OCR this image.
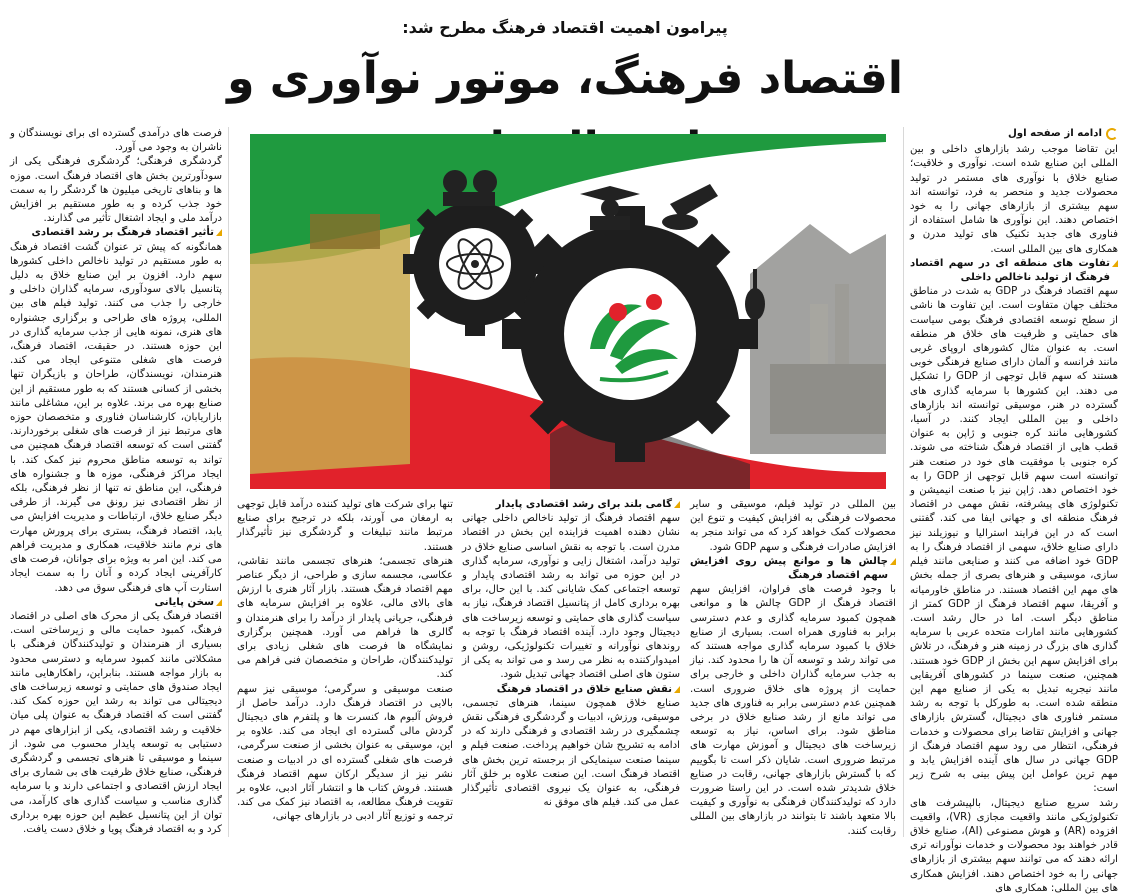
پیرامون اهمیت اقتصاد فرهنگ مطرح شد:
اقتصاد فرهنگ، موتور نوآوری و
ادامه از صفحه اول

این تقاضا موجب رشد بازارهای داخلی و بین المللی این صنایع شده است. نوآوری و خلاقیت؛ صنایع خلاق با نوآوری های مستمر در تولید محصولات جدید و منحصر به فرد، توانسته اند سهم بیشتری از بازارهای جهانی را به خود اختصاص دهند. این نوآوری ها شامل استفاده از فناوری های جدید تکنیک های تولید مدرن و همکاری های بین المللی است.

تفاوت های منطقه ای در سهم اقتصاد فرهنگ از تولید ناخالص داخلی

سهم اقتصاد فرهنگ در GDP به شدت در مناطق مختلف جهان متفاوت است. این تفاوت ها ناشی از سطح توسعه اقتصادی فرهنگ بومی سیاست های حمایتی و ظرفیت های خلاق هر منطقه است. به عنوان مثال کشورهای اروپای غربی مانند فرانسه و آلمان دارای صنایع فرهنگی خوبی هستند که سهم قابل توجهی از GDP را تشکیل می دهند. این کشورها با سرمایه گذاری های گسترده در هنر، موسیقی توانسته اند بازارهای داخلی و بین المللی ایجاد کنند. در آسیا، کشورهایی مانند کره جنوبی و ژاپن به عنوان قطب هایی از اقتصاد فرهنگ شناخته می شوند. کره جنوبی با موفقیت های خود در صنعت هنر توانسته است سهم قابل توجهی از GDP را به خود اختصاص دهد. ژاپن نیز با صنعت انیمیشن و تکنولوژی های پیشرفته، نقش مهمی در اقتصاد فرهنگ منطقه ای و جهانی ایفا می کند. گفتنی است که در این فرایند استرالیا و نیوزیلند نیز دارای صنایع خلاق، سهمی از اقتصاد فرهنگ را به GDP خود اضافه می کنند و صنایعی مانند فیلم سازی، موسیقی و هنرهای بصری از جمله بخش های مهم این اقتصاد هستند. در مناطق خاورمیانه و آفریقا، سهم اقتصاد فرهنگ از GDP کمتر از مناطق دیگر است. اما در حال رشد است. کشورهایی مانند امارات متحده عربی با سرمایه گذاری های بزرگ در زمینه هنر و فرهنگ، در تلاش برای افزایش سهم این بخش از GDP خود هستند. همچنین، صنعت سینما در کشورهای آفریقایی مانند نیجریه تبدیل به یکی از صنایع مهم این منطقه شده است. به طورکل با توجه به رشد مستمر فناوری های دیجیتال، گسترش بازارهای جهانی و افزایش تقاضا برای محصولات و خدمات فرهنگی، انتظار می رود سهم اقتصاد فرهنگ از GDP جهانی در سال های آینده افزایش یابد و مهم ترین عوامل این پیش بینی به شرح زیر است:

رشد سریع صنایع دیجیتال، بالپیشرفت های تکنولوژیکی مانند واقعیت مجازی (VR)، واقعیت افزوده (AR) و هوش مصنوعی (AI)، صنایع خلاق قادر خواهند بود محصولات و خدمات نوآورانه تری ارائه دهند که می توانند سهم بیشتری از بازارهای جهانی را به خود اختصاص دهند. افزایش همکاری های بین المللی: همکاری های

بین المللی در تولید فیلم، موسیقی و سایر محصولات فرهنگی به افزایش کیفیت و تنوع این محصولات کمک خواهد کرد که می تواند منجر به افزایش صادرات فرهنگی و سهم GDP شود.

چالش ها و موانع پیش روی افزایش سهم اقتصاد فرهنگ

با وجود فرصت های فراوان، افزایش سهم اقتصاد فرهنگ از GDP چالش ها و موانعی همچون کمبود سرمایه گذاری و عدم دسترسی برابر به فناوری همراه است. بسیاری از صنایع خلاق با کمبود سرمایه گذاری مواجه هستند که می تواند رشد و توسعه آن ها را محدود کند. نیاز به جذب سرمایه گذاران داخلی و خارجی برای حمایت از پروژه های خلاق ضروری است. همچنین عدم دسترسی برابر به فناوری های جدید می تواند مانع از رشد صنایع خلاق در برخی مناطق شود. برای اساس، نیاز به توسعه زیرساخت های دیجیتال و آموزش مهارت های مرتبط ضروری است. شایان ذکر است تا بگوییم که با گسترش بازارهای جهانی، رقابت در صنایع خلاق شدیدتر شده است. در این راستا ضرورت دارد که تولیدکنندگان فرهنگی به نوآوری و کیفیت بالا متعهد باشند تا بتوانند در بازارهای بین المللی رقابت کنند.

گامی بلند برای رشد اقتصادی پایدار

سهم اقتصاد فرهنگ از تولید ناخالص داخلی جهانی نشان دهنده اهمیت فزاینده این بخش در اقتصاد مدرن است. با توجه به نقش اساسی صنایع خلاق در تولید درآمد، اشتغال زایی و نوآوری، سرمایه گذاری در این حوزه می تواند به رشد اقتصادی پایدار و توسعه اجتماعی کمک شایانی کند. با این حال، برای بهره برداری کامل از پتانسیل اقتصاد فرهنگ، نیاز به سیاست گذاری های حمایتی و توسعه زیرساخت های دیجیتال وجود دارد. آینده اقتصاد فرهنگ با توجه به روندهای نوآورانه و تغییرات تکنولوژیکی، روشن و امیدوارکننده به نظر می رسد و می تواند به یکی از ستون های اصلی اقتصاد جهانی تبدیل شود.

نقش صنایع خلاق در اقتصاد فرهنگ

صنایع خلاق همچون سینما، هنرهای تجسمی، موسیقی، ورزش، ادبیات و گردشگری فرهنگی نقش چشمگیری در رشد اقتصادی و فرهنگی دارند که در ادامه به تشریح شان خواهیم پرداخت. صنعت فیلم و سینما صنعت سینمایکی از برجسته ترین بخش های اقتصاد فرهنگ است. این صنعت علاوه بر خلق آثار فرهنگی، به عنوان یک نیروی اقتصادی تأثیرگذار عمل می کند. فیلم های موفق نه

تنها برای شرکت های تولید کننده درآمد قابل توجهی به ارمغان می آورند، بلکه در ترجیح برای صنایع مرتبط مانند تبلیغات و گردشگری نیز تأثیرگذار هستند.

هنرهای تجسمی؛ هنرهای تجسمی مانند نقاشی، عکاسی، مجسمه سازی و طراحی، از دیگر عناصر مهم اقتصاد فرهنگ هستند. بازار آثار هنری با ارزش های بالای مالی، علاوه بر افزایش سرمایه های فرهنگی، جریانی پایدار از درآمد را برای هنرمندان و گالری ها فراهم می آورد. همچنین برگزاری نمایشگاه ها فرصت های شغلی زیادی برای تولیدکنندگان، طراحان و متخصصان فنی فراهم می کند.

صنعت موسیقی و سرگرمی؛ موسیقی نیز سهم بالایی در اقتصاد فرهنگ دارد. درآمد حاصل از فروش آلبوم ها، کنسرت ها و پلتفرم های دیجیتال گردش مالی گسترده ای ایجاد می کند. علاوه بر این، موسیقی به عنوان بخشی از صنعت سرگرمی، فرصت های شغلی گسترده ای در ادبیات و صنعت نشر نیز از سدیگر ارکان سهم اقتصاد فرهنگ هستند. فروش کتاب ها و انتشار آثار ادبی، علاوه بر تقویت فرهنگ مطالعه، به اقتصاد نیز کمک می کند. ترجمه و توزیع آثار ادبی در بازارهای جهانی،

فرصت های درآمدی گسترده ای برای نویسندگان و ناشران به وجود می آورد.

گردشگری فرهنگی؛ گردشگری فرهنگی یکی از سودآورترین بخش های اقتصاد فرهنگ است. موزه ها و بناهای تاریخی میلیون ها گردشگر را به سمت خود جذب کرده و به طور مستقیم بر افزایش درآمد ملی و ایجاد اشتغال تأثیر می گذارند.

تأثیر اقتصاد فرهنگ بر رشد اقتصادی

همانگونه که پیش تر عنوان گشت اقتصاد فرهنگ به طور مستقیم در تولید ناخالص داخلی کشورها سهم دارد. افزون بر این صنایع خلاق به دلیل پتانسیل بالای سودآوری، سرمایه گذاران داخلی و خارجی را جذب می کنند. تولید فیلم های بین المللی، پروژه های طراحی و برگزاری جشنواره های هنری، نمونه هایی از جذب سرمایه گذاری در این حوزه هستند. در حقیقت، اقتصاد فرهنگ، فرصت های شغلی متنوعی ایجاد می کند. هنرمندان، نویسندگان، طراحان و بازیگران تنها بخشی از کسانی هستند که به طور مستقیم از این صنایع بهره می برند. علاوه بر این، مشاغلی مانند بازاریابان، کارشناسان فناوری و متخصصان حوزه های مرتبط نیز از فرصت های شغلی برخوردارند. گفتنی است که توسعه اقتصاد فرهنگ همچنین می تواند به توسعه مناطق محروم نیز کمک کند. با ایجاد مراکز فرهنگی، موزه ها و جشنواره های فرهنگی، این مناطق نه تنها از نظر فرهنگی، بلکه از نظر اقتصادی نیز رونق می گیرند. از طرفی دیگر صنایع خلاق، ارتباطات و مدیریت افزایش می یابد، اقتصاد فرهنگ، بستری برای پرورش مهارت های نرم مانند خلاقیت، همکاری و مدیریت فراهم می کند. این امر به ویژه برای جوانان، فرصت های کارآفرینی ایجاد کرده و آنان را به سمت ایجاد استارت آپ های فرهنگی سوق می دهد.

سخن پایانی

اقتصاد فرهنگ یکی از محرک های اصلی در اقتصاد فرهنگ، کمبود حمایت مالی و زیرساختی است. بسیاری از هنرمندان و تولیدکنندگان فرهنگی با مشکلاتی مانند کمبود سرمایه و دسترسی محدود به بازار مواجه هستند. بنابراین، راهکارهایی مانند ایجاد صندوق های حمایتی و توسعه زیرساخت های دیجیتالی می تواند به رشد این حوزه کمک کند. گفتنی است که اقتصاد فرهنگ به عنوان پلی میان خلاقیت و رشد اقتصادی، یکی از ابزارهای مهم در دستیابی به توسعه پایدار محسوب می شود. از سینما و موسیقی تا هنرهای تجسمی و گردشگری فرهنگی، صنایع خلاق ظرفیت های بی شماری برای ایجاد ارزش اقتصادی و اجتماعی دارند و با سرمایه گذاری مناسب و سیاست گذاری های کارآمد، می توان از این پتانسیل عظیم این حوزه بهره برداری کرد و به اقتصاد فرهنگ پویا و خلاق دست یافت.
